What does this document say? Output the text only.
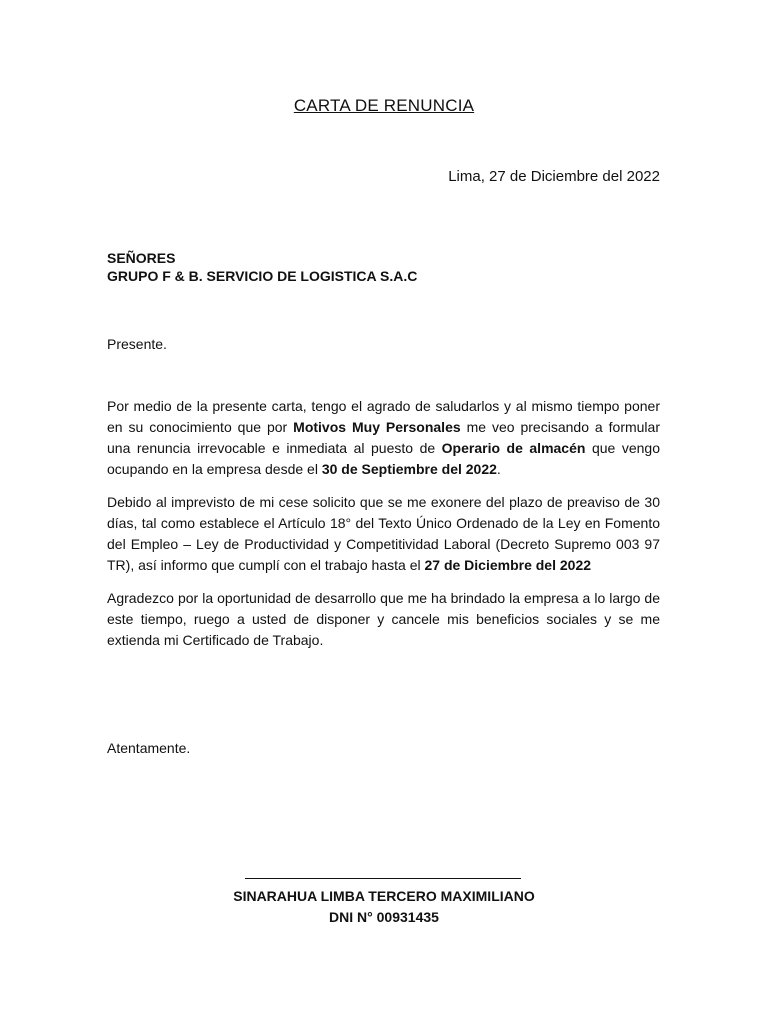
CARTA DE RENUNCIA
Lima, 27 de Diciembre del 2022
SEÑORES
GRUPO F & B. SERVICIO DE LOGISTICA S.A.C
Presente.

Por medio de la presente carta, tengo el agrado de saludarlos y al mismo tiempo poner en su conocimiento que por Motivos Muy Personales me veo precisando a formular una renuncia irrevocable e inmediata al puesto de Operario de almacén que vengo ocupando en la empresa desde el 30 de Septiembre del 2022.

Debido al imprevisto de mi cese solicito que se me exonere del plazo de preaviso de 30 días, tal como establece el Artículo 18° del Texto Único Ordenado de la Ley en Fomento del Empleo – Ley de Productividad y Competitividad Laboral (Decreto Supremo 003 97 TR), así informo que cumplí con el trabajo hasta el 27 de Diciembre del 2022

Agradezco por la oportunidad de desarrollo que me ha brindado la empresa a lo largo de este tiempo, ruego a usted de disponer y cancele mis beneficios sociales y se me extienda mi Certificado de Trabajo.

Atentamente.
SINARAHUA LIMBA TERCERO MAXIMILIANO
DNI N° 00931435
